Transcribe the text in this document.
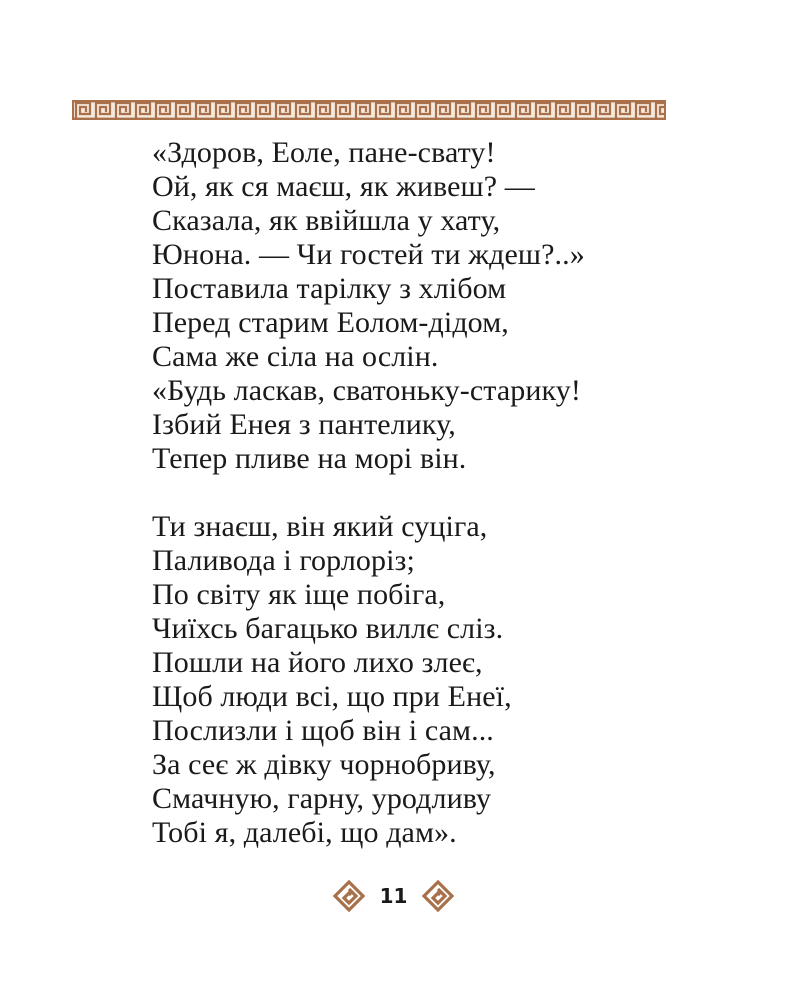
«Здоров, Еоле, пане-свату!
Ой, як ся маєш, як живеш? —
Сказала, як ввійшла у хату,
Юнона. — Чи гостей ти ждеш?..»
Поставила тарілку з хлібом
Перед старим Еолом-дідом,
Сама же сіла на ослін.
«Будь ласкав, сватоньку-старику!
Ізбий Енея з пантелику,
Тепер пливе на морі він.
Ти знаєш, він який суціга,
Паливода і горлоріз;
По світу як іще побіга,
Чиїхсь багацько виллє сліз.
Пошли на його лихо злеє,
Щоб люди всі, що при Енеї,
Послизли і щоб він і сам...
За сеє ж дівку чорнобриву,
Смачную, гарну, уродливу
Тобі я, далебі, що дам».
11
